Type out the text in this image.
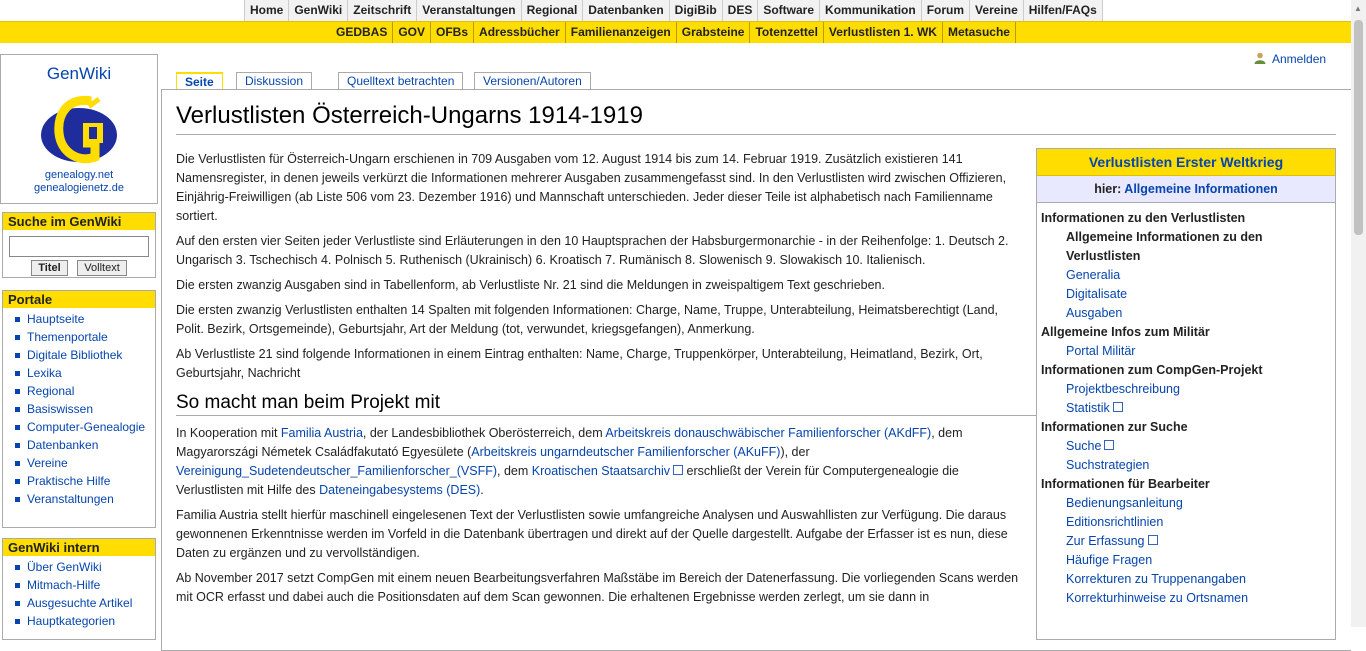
Home GenWiki Zeitschrift Veranstaltungen Regional Datenbanken DigiBib DES Software Kommunikation Forum Vereine Hilfen/FAQs
GEDBAS GOV OFBs Adressbücher Familienanzeigen Grabsteine Totenzettel Verlustlisten 1. WK Metasuche
GenWiki
genealogy.net
genealogienetz.de
Suche im GenWiki
Titel Volltext
Portale
Hauptseite
Themenportale
Digitale Bibliothek
Lexika
Regional
Basiswissen
Computer-Genealogie
Datenbanken
Vereine
Praktische Hilfe
Veranstaltungen
GenWiki intern
Über GenWiki
Mitmach-Hilfe
Ausgesuchte Artikel
Hauptkategorien
Seite	Diskussion	Quelltext betrachten	Versionen/Autoren
Anmelden
Verlustlisten Österreich-Ungarns 1914-1919

Die Verlustlisten für Österreich-Ungarn erschienen in 709 Ausgaben vom 12. August 1914 bis zum 14. Februar 1919. Zusätzlich existieren 141 Namensregister, in denen jeweils verkürzt die Informationen mehrerer Ausgaben zusammengefasst sind. In den Verlustlisten wird zwischen Offizieren, Einjährig-Freiwilligen (ab Liste 506 vom 23. Dezember 1916) und Mannschaft unterschieden. Jeder dieser Teile ist alphabetisch nach Familienname sortiert.

Auf den ersten vier Seiten jeder Verlustliste sind Erläuterungen in den 10 Hauptsprachen der Habsburgermonarchie - in der Reihenfolge: 1. Deutsch 2. Ungarisch 3. Tschechisch 4. Polnisch 5. Ruthenisch (Ukrainisch) 6. Kroatisch 7. Rumänisch 8. Slowenisch 9. Slowakisch 10. Italienisch.

Die ersten zwanzig Ausgaben sind in Tabellenform, ab Verlustliste Nr. 21 sind die Meldungen in zweispaltigem Text geschrieben.

Die ersten zwanzig Verlustlisten enthalten 14 Spalten mit folgenden Informationen: Charge, Name, Truppe, Unterabteilung, Heimatsberechtigt (Land, Polit. Bezirk, Ortsgemeinde), Geburtsjahr, Art der Meldung (tot, verwundet, kriegsgefangen), Anmerkung.

Ab Verlustliste 21 sind folgende Informationen in einem Eintrag enthalten: Name, Charge, Truppenkörper, Unterabteilung, Heimatland, Bezirk, Ort, Geburtsjahr, Nachricht

So macht man beim Projekt mit

In Kooperation mit Familia Austria, der Landesbibliothek Oberösterreich, dem Arbeitskreis donauschwäbischer Familienforscher (AKdFF), dem Magyarországi Németek Családfakutató Egyesülete (Arbeitskreis ungarndeutscher Familienforscher (AKuFF)), der Vereinigung_Sudetendeutscher_Familienforscher_(VSFF), dem Kroatischen Staatsarchiv erschließt der Verein für Computergenealogie die Verlustlisten mit Hilfe des Dateneingabesystems (DES).

Familia Austria stellt hierfür maschinell eingelesenen Text der Verlustlisten sowie umfangreiche Analysen und Auswahllisten zur Verfügung. Die daraus gewonnenen Erkenntnisse werden im Vorfeld in die Datenbank übertragen und direkt auf der Quelle dargestellt. Aufgabe der Erfasser ist es nun, diese Daten zu ergänzen und zu vervollständigen.

Ab November 2017 setzt CompGen mit einem neuen Bearbeitungsverfahren Maßstäbe im Bereich der Datenerfassung. Die vorliegenden Scans werden mit OCR erfasst und dabei auch die Positionsdaten auf dem Scan gewonnen. Die erhaltenen Ergebnisse werden zerlegt, um sie dann in

Verlustlisten Erster Weltkrieg
hier: Allgemeine Informationen
Informationen zu den Verlustlisten
Allgemeine Informationen zu den Verlustlisten
Generalia
Digitalisate
Ausgaben
Allgemeine Infos zum Militär
Portal Militär
Informationen zum CompGen-Projekt
Projektbeschreibung
Statistik
Informationen zur Suche
Suche
Suchstrategien
Informationen für Bearbeiter
Bedienungsanleitung
Editionsrichtlinien
Zur Erfassung
Häufige Fragen
Korrekturen zu Truppenangaben
Korrekturhinweise zu Ortsnamen
▲
